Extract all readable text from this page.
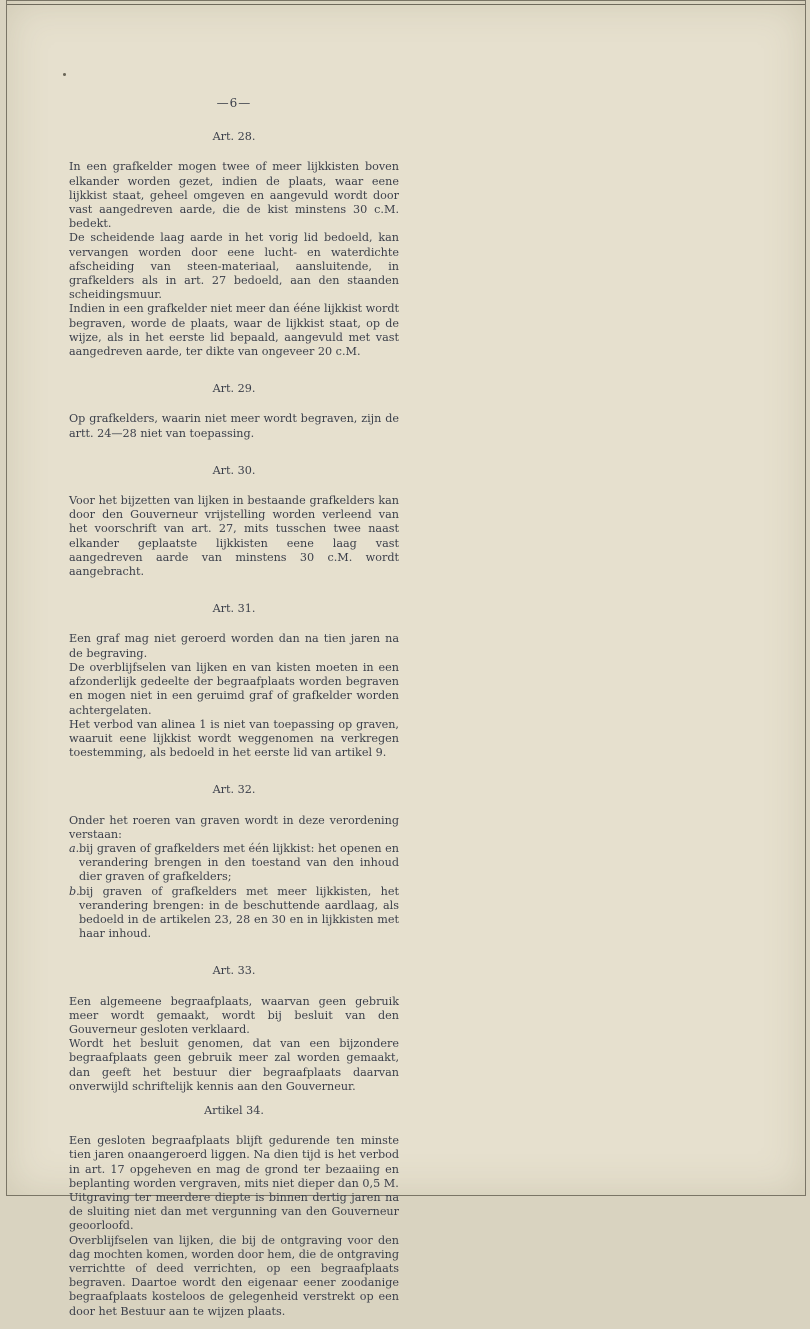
—6—
Art. 28.

In een grafkelder mogen twee of meer lijkkisten boven elkander worden gezet, indien de plaats, waar eene lijkkist staat, geheel omgeven en aangevuld wordt door vast aangedreven aarde, die de kist minstens 30 c.M. bedekt.

De scheidende laag aarde in het vorig lid bedoeld, kan vervangen worden door eene lucht- en waterdichte afscheiding van steen-materiaal, aansluitende, in grafkelders als in art. 27 bedoeld, aan den staanden scheidingsmuur.

Indien in een grafkelder niet meer dan ééne lijkkist wordt begraven, worde de plaats, waar de lijkkist staat, op de wijze, als in het eerste lid bepaald, aangevuld met vast aangedreven aarde, ter dikte van ongeveer 20 c.M.

Art. 29.

Op grafkelders, waarin niet meer wordt begraven, zijn de artt. 24—28 niet van toepassing.

Art. 30.

Voor het bijzetten van lijken in bestaande grafkelders kan door den Gouverneur vrijstelling worden verleend van het voorschrift van art. 27, mits tusschen twee naast elkander geplaatste lijkkisten eene laag vast aangedreven aarde van minstens 30 c.M. wordt aangebracht.

Art. 31.

Een graf mag niet geroerd worden dan na tien jaren na de begraving.

De overblijfselen van lijken en van kisten moeten in een afzonderlijk gedeelte der begraafplaats worden begraven en mogen niet in een geruimd graf of grafkelder worden achtergelaten.

Het verbod van alinea 1 is niet van toepassing op graven, waaruit eene lijkkist wordt weggenomen na verkregen toestemming, als bedoeld in het eerste lid van artikel 9.

Art. 32.

Onder het roeren van graven wordt in deze verordening verstaan:

a. bij graven of grafkelders met één lijkkist: het openen en verandering brengen in den toestand van den inhoud dier graven of grafkelders;
b. bij graven of grafkelders met meer lijkkisten, het verandering brengen: in de beschuttende aardlaag, als bedoeld in de artikelen 23, 28 en 30 en in lijkkisten met haar inhoud.
Art. 33.

Een algemeene begraafplaats, waarvan geen gebruik meer wordt gemaakt, wordt bij besluit van den Gouverneur gesloten verklaard.

Wordt het besluit genomen, dat van een bijzondere begraafplaats geen gebruik meer zal worden gemaakt, dan geeft het bestuur dier begraafplaats daarvan onverwijld schriftelijk kennis aan den Gouverneur.

Artikel 34.

Een gesloten begraafplaats blijft gedurende ten minste tien jaren onaangeroerd liggen. Na dien tijd is het verbod in art. 17 opgeheven en mag de grond ter bezaaiing en beplanting worden vergraven, mits niet dieper dan 0,5 M.

Uitgraving ter meerdere diepte is binnen dertig jaren na de sluiting niet dan met vergunning van den Gouverneur geoorloofd.

Overblijfselen van lijken, die bij de ontgraving voor den dag mochten komen, worden door hem, die de ontgraving verrichtte of deed verrichten, op een begraafplaats begraven. Daartoe wordt den eigenaar eener zoodanige begraafplaats kosteloos de gelegenheid verstrekt op een door het Bestuur aan te wijzen plaats.
